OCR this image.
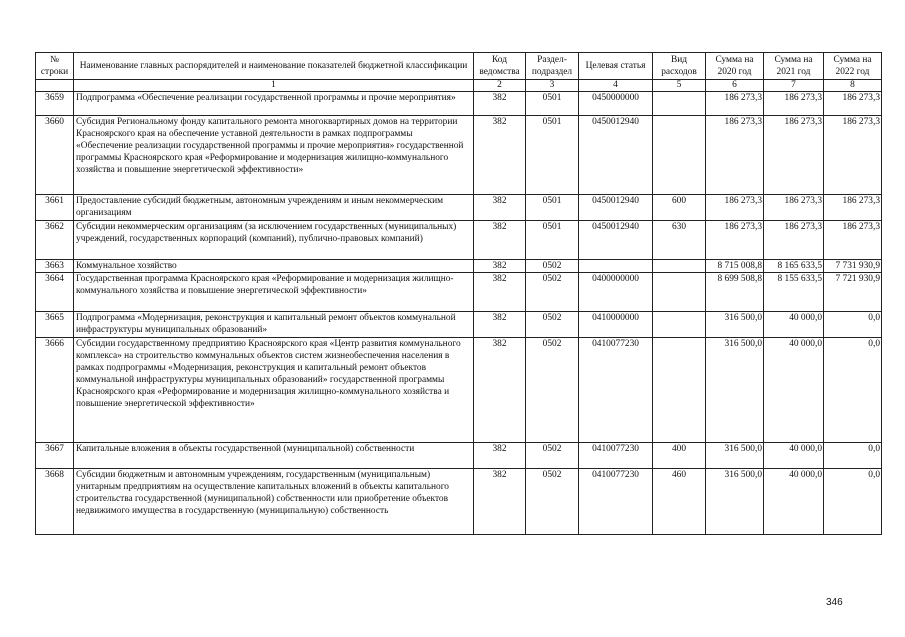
№ строки	Наименование главных распорядителей и наименование показателей бюджетной классификации	Код ведомства	Раздел-подраздел	Целевая статья	Вид расходов	Сумма на 2020 год	Сумма на 2021 год	Сумма на 2022 год
	1	2	3	4	5	6	7	8
3659	Подпрограмма «Обеспечение реализации государственной программы и прочие мероприятия»	382	0501	0450000000		186 273,3	186 273,3	186 273,3
3660	Субсидия Региональному фонду капитального ремонта многоквартирных домов на территории Красноярского края на обеспечение уставной деятельности в рамках подпрограммы «Обеспечение реализации государственной программы и прочие мероприятия» государственной программы Красноярского края «Реформирование и модернизация жилищно-коммунального хозяйства и повышение энергетической эффективности»	382	0501	0450012940		186 273,3	186 273,3	186 273,3
3661	Предоставление субсидий бюджетным, автономным учреждениям и иным некоммерческим организациям	382	0501	0450012940	600	186 273,3	186 273,3	186 273,3
3662	Субсидии некоммерческим организациям (за исключением государственных (муниципальных) учреждений, государственных корпораций (компаний), публично-правовых компаний)	382	0501	0450012940	630	186 273,3	186 273,3	186 273,3
3663	Коммунальное хозяйство	382	0502			8 715 008,8	8 165 633,5	7 731 930,9
3664	Государственная программа Красноярского края «Реформирование и модернизация жилищно-коммунального хозяйства и повышение энергетической эффективности»	382	0502	0400000000		8 699 508,8	8 155 633,5	7 721 930,9
3665	Подпрограмма «Модернизация, реконструкция и капитальный ремонт объектов коммунальной инфраструктуры муниципальных образований»	382	0502	0410000000		316 500,0	40 000,0	0,0
3666	Субсидии государственному предприятию Красноярского края «Центр развития коммунального комплекса» на строительство коммунальных объектов систем жизнеобеспечения населения в рамках подпрограммы «Модернизация, реконструкция и капитальный ремонт объектов коммунальной инфраструктуры муниципальных образований» государственной программы Красноярского края «Реформирование и модернизация жилищно-коммунального хозяйства и повышение энергетической эффективности»	382	0502	0410077230		316 500,0	40 000,0	0,0
3667	Капитальные вложения в объекты государственной (муниципальной) собственности	382	0502	0410077230	400	316 500,0	40 000,0	0,0
3668	Субсидии бюджетным и автономным учреждениям, государственным (муниципальным) унитарным предприятиям на осуществление капитальных вложений в объекты капитального строительства государственной (муниципальной) собственности или приобретение объектов недвижимого имущества в государственную (муниципальную) собственность	382	0502	0410077230	460	316 500,0	40 000,0	0,0
346
